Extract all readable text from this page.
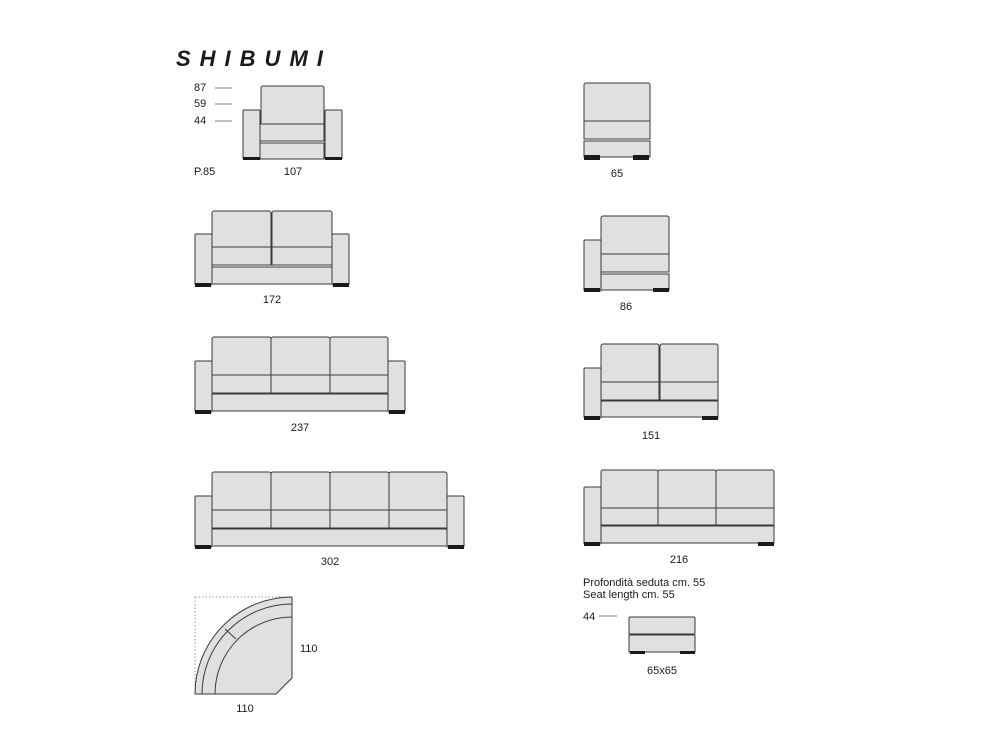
SHIBUMI
87
59
44
P.85	107	65
172
86
237
151
302	216
Profondità seduta cm. 55
Seat length cm. 55
44
65x65
110
110
